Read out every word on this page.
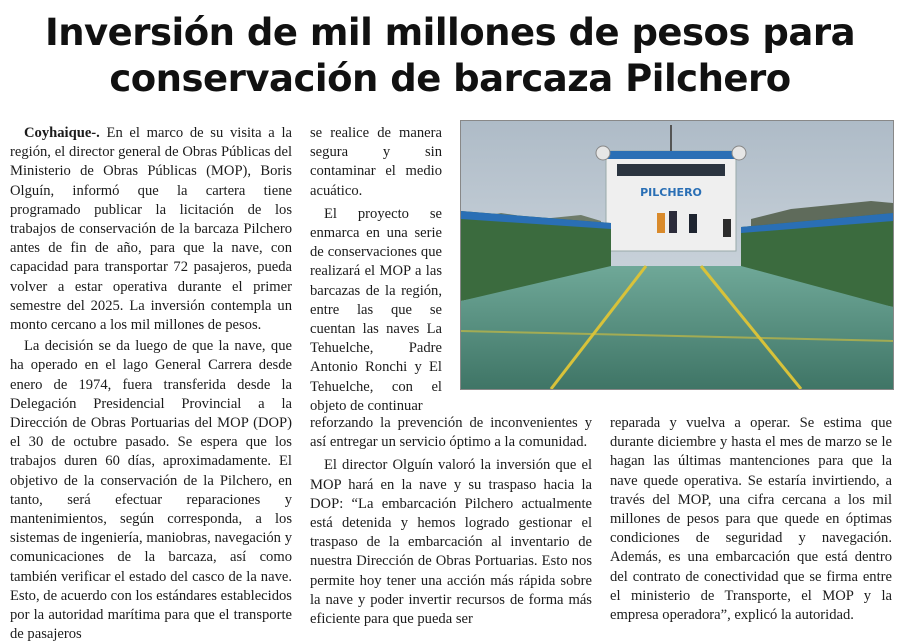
Inversión de mil millones de pesos para
conservación de barcaza Pilchero

Coyhaique-. En el marco de su visita a la región, el director general de Obras Públicas del Ministerio de Obras Públicas (MOP), Boris Olguín, informó que la cartera tiene programado publicar la licitación de los trabajos de conservación de la barcaza Pilchero antes de fin de año, para que la nave, con capacidad para transportar 72 pasajeros, pueda volver a estar operativa durante el primer semestre del 2025. La inversión contempla un monto cercano a los mil millones de pesos.

La decisión se da luego de que la nave, que ha operado en el lago General Carrera desde enero de 1974, fuera transferida desde la Delegación Presidencial Provincial a la Dirección de Obras Portuarias del MOP (DOP) el 30 de octubre pasado. Se espera que los trabajos duren 60 días, aproximadamente. El objetivo de la conservación de la Pilchero, en tanto, será efectuar reparaciones y mantenimientos, según corresponda, a los sistemas de ingeniería, maniobras, navegación y comunicaciones de la barcaza, así como también verificar el estado del casco de la nave. Esto, de acuerdo con los estándares establecidos por la autoridad marítima para que el transporte de pasajeros

se realice de manera segura y sin contaminar el medio acuático.

El proyecto se enmarca en una serie de conservaciones que realizará el MOP a las barcazas de la región, entre las que se cuentan las naves La Tehuelche, Padre Antonio Ronchi y El Tehuelche, con el objeto de continuar

PILCHERO

reforzando la prevención de inconvenientes y así entregar un servicio óptimo a la comunidad.

El director Olguín valoró la inversión que el MOP hará en la nave y su traspaso hacia la DOP: “La embarcación Pilchero actualmente está detenida y hemos logrado gestionar el traspaso de la embarcación al inventario de nuestra Dirección de Obras Portuarias. Esto nos permite hoy tener una acción más rápida sobre la nave y poder invertir recursos de forma más eficiente para que pueda ser

reparada y vuelva a operar. Se estima que durante diciembre y hasta el mes de marzo se le hagan las últimas mantenciones para que la nave quede operativa. Se estaría invirtiendo, a través del MOP, una cifra cercana a los mil millones de pesos para que quede en óptimas condiciones de seguridad y navegación. Además, es una embarcación que está dentro del contrato de conectividad que se firma entre el ministerio de Transporte, el MOP y la empresa operadora”, explicó la autoridad.
